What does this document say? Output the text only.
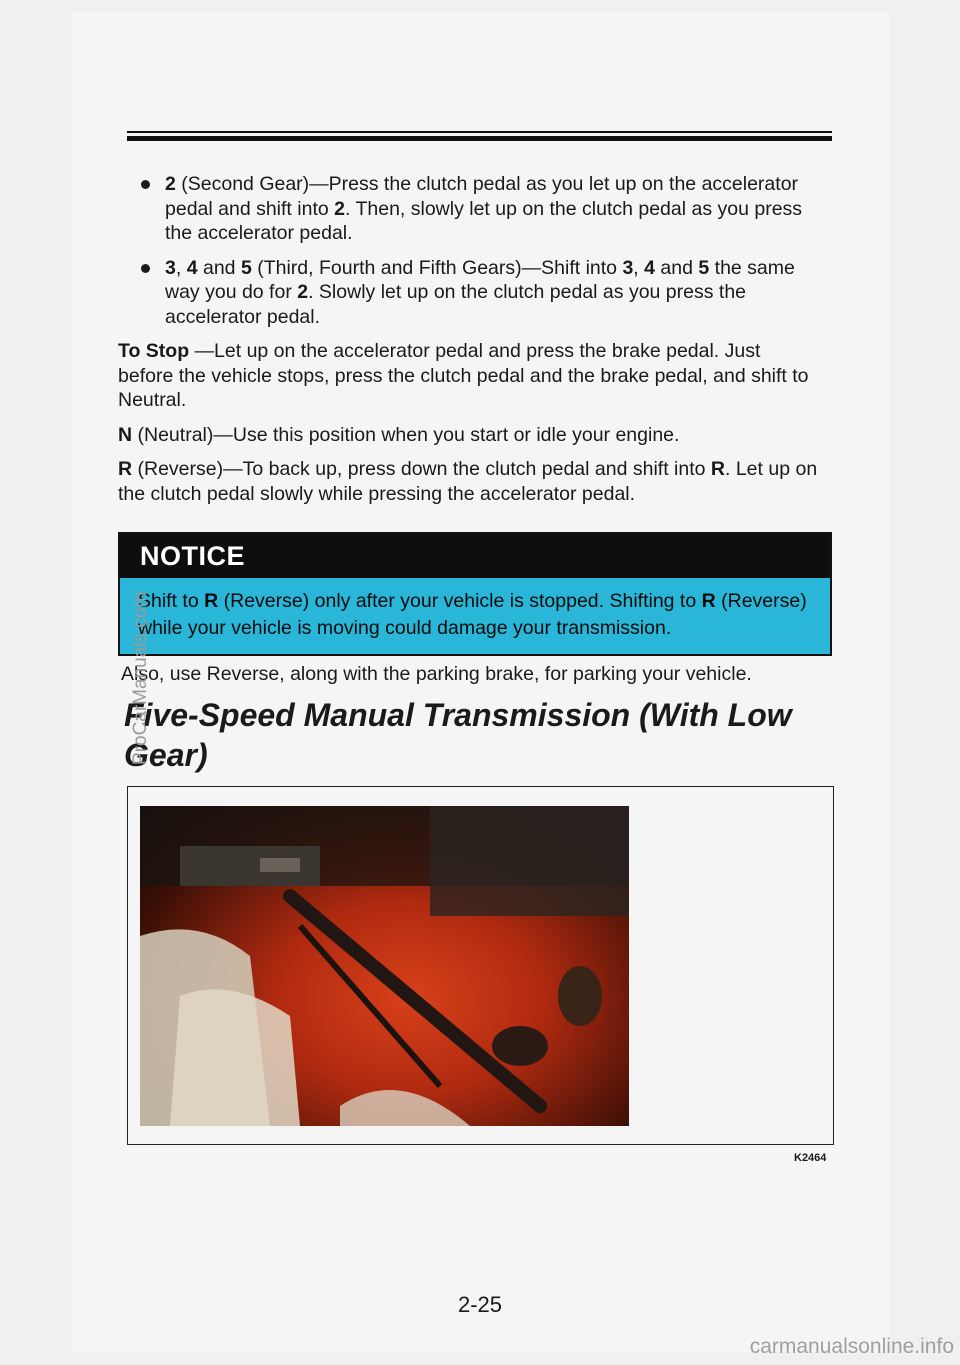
2 (Second Gear)—Press the clutch pedal as you let up on the accelerator pedal and shift into 2. Then, slowly let up on the clutch pedal as you press the accelerator pedal.
3, 4 and 5 (Third, Fourth and Fifth Gears)—Shift into 3, 4 and 5 the same way you do for 2. Slowly let up on the clutch pedal as you press the accelerator pedal.

To Stop —Let up on the accelerator pedal and press the brake pedal. Just before the vehicle stops, press the clutch pedal and the brake pedal, and shift to Neutral.

N (Neutral)—Use this position when you start or idle your engine.

R (Reverse)—To back up, press down the clutch pedal and shift into R. Let up on the clutch pedal slowly while pressing the accelerator pedal.

NOTICE
Shift to R (Reverse) only after your vehicle is stopped. Shifting to R (Reverse) while your vehicle is moving could damage your transmission.
Also, use Reverse, along with the parking brake, for parking your vehicle.
Five-Speed Manual Transmission (With Low Gear)
K2464
2-25
ProCarManuals.com
carmanualsonline.info
